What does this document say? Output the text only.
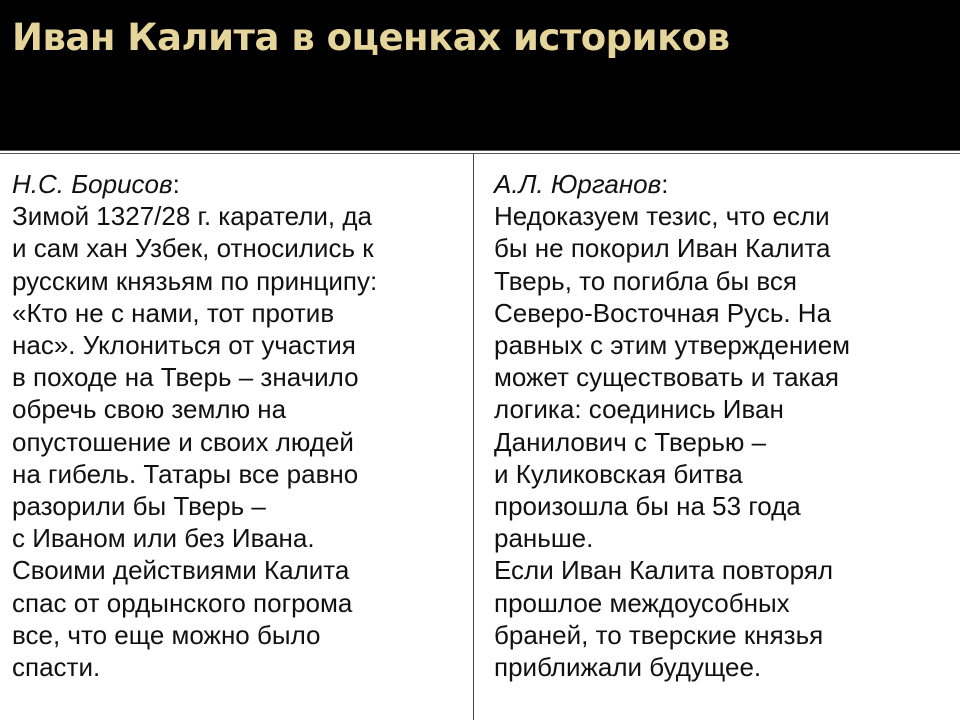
Иван Калита в оценках историков
Н.С. Борисов:
Зимой 1327/28 г. каратели, да
и сам хан Узбек, относились к
русским князьям по принципу:
«Кто не с нами, тот против
нас». Уклониться от участия
в походе на Тверь – значило
обречь свою землю на
опустошение и своих людей
на гибель. Татары все равно
разорили бы Тверь –
с Иваном или без Ивана.
Своими действиями Калита
спас от ордынского погрома
все, что еще можно было
спасти.
А.Л. Юрганов:
Недоказуем тезис, что если
бы не покорил Иван Калита
Тверь, то погибла бы вся
Северо-Восточная Русь. На
равных с этим утверждением
может существовать и такая
логика: соединись Иван
Данилович с Тверью –
и Куликовская битва
произошла бы на 53 года
раньше.
Если Иван Калита повторял
прошлое междоусобных
браней, то тверские князья
приближали будущее.
